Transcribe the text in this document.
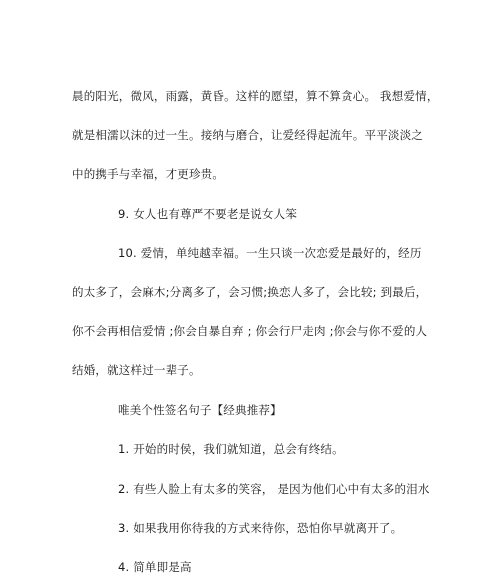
晨的阳光，微风，雨露，黄昏。这样的愿望，算不算贪心。 我想爱情，
就是相濡以沫的过一生。接纳与磨合，让爱经得起流年。平平淡淡之
中的携手与幸福，才更珍贵。
9. 女人也有尊严不要老是说女人笨
10. 爱情，单纯越幸福。一生只谈一次恋爱是最好的，经历
的太多了，会麻木;分离多了，会习惯;换恋人多了，会比较; 到最后，
你不会再相信爱情 ;你会自暴自弃 ; 你会行尸走肉 ;你会与你不爱的人
结婚，就这样过一辈子。
唯美个性签名句子【经典推荐】
1. 开始的时侯，我们就知道，总会有终结。
2. 有些人脸上有太多的笑容， 是因为他们心中有太多的泪水
3. 如果我用你待我的方式来待你，恐怕你早就离开了。
4. 简单即是高
